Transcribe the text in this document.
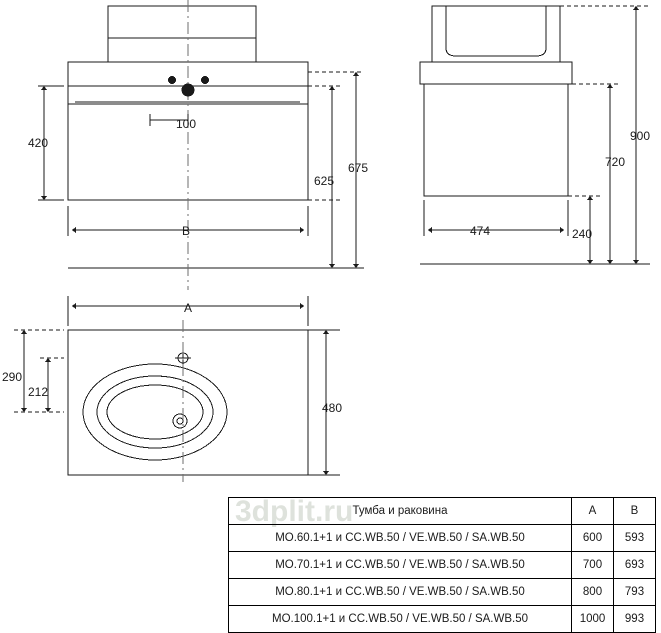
420
100
625
675
B	474	240
720
900
A
290
212
480
3dplit.ru Тумба и раковина	A	B
MO.60.1+1 и CC.WB.50 / VE.WB.50 / SA.WB.50	600	593
MO.70.1+1 и CC.WB.50 / VE.WB.50 / SA.WB.50	700	693
MO.80.1+1 и CC.WB.50 / VE.WB.50 / SA.WB.50	800	793
MO.100.1+1 и CC.WB.50 / VE.WB.50 / SA.WB.50	1000	993
